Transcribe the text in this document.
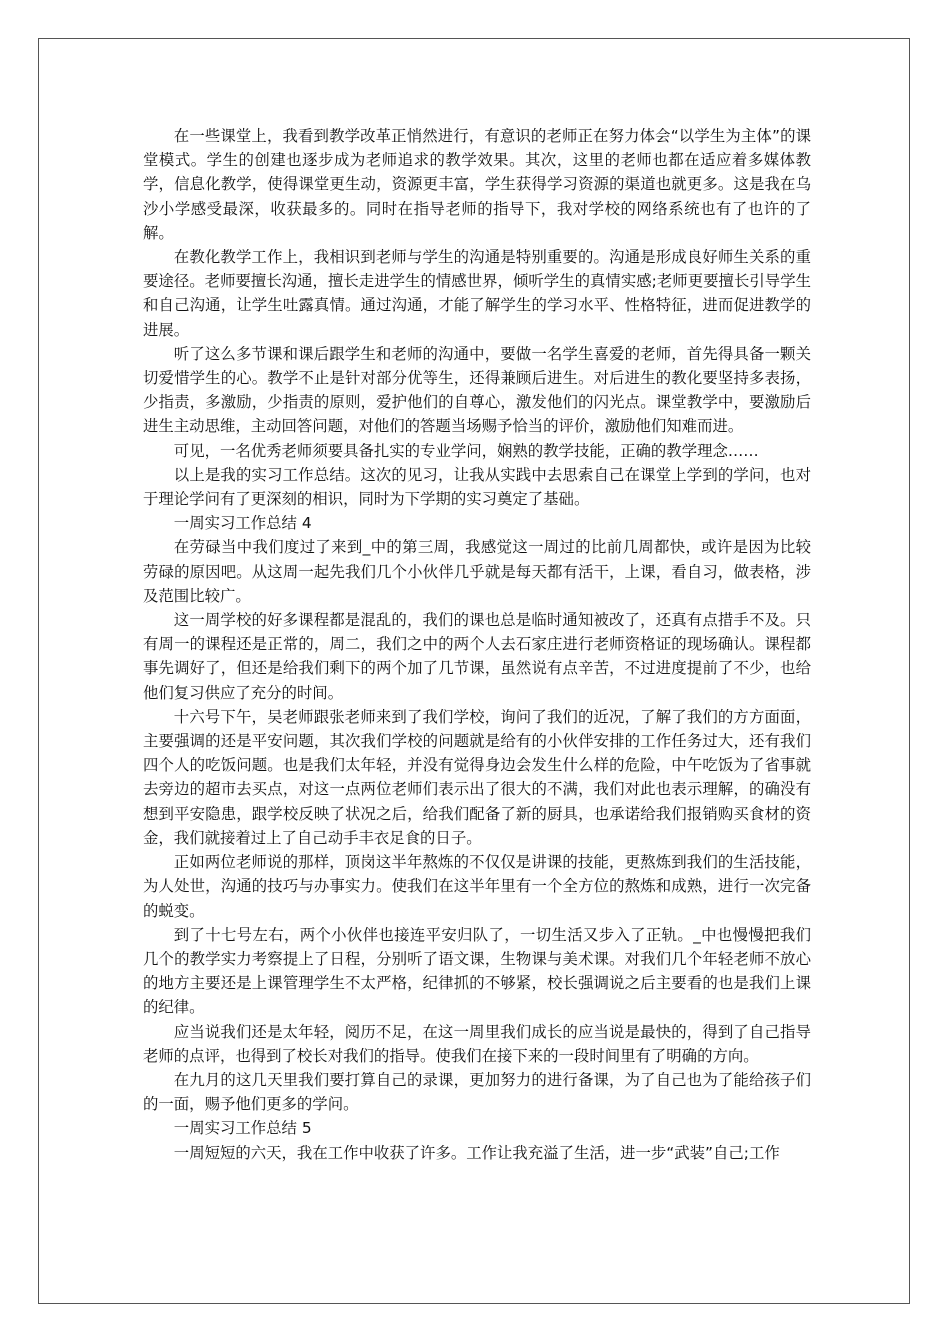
在一些课堂上，我看到教学改革正悄然进行，有意识的老师正在努力体会“以学生为主体”的课堂模式。学生的创建也逐步成为老师追求的教学效果。其次，这里的老师也都在适应着多媒体教学，信息化教学，使得课堂更生动，资源更丰富，学生获得学习资源的渠道也就更多。这是我在乌沙小学感受最深，收获最多的。同时在指导老师的指导下，我对学校的网络系统也有了也许的了解。

在教化教学工作上，我相识到老师与学生的沟通是特别重要的。沟通是形成良好师生关系的重要途径。老师要擅长沟通，擅长走进学生的情感世界，倾听学生的真情实感;老师更要擅长引导学生和自己沟通，让学生吐露真情。通过沟通，才能了解学生的学习水平、性格特征，进而促进教学的进展。

听了这么多节课和课后跟学生和老师的沟通中，要做一名学生喜爱的老师，首先得具备一颗关切爱惜学生的心。教学不止是针对部分优等生，还得兼顾后进生。对后进生的教化要坚持多表扬，少指责，多激励，少指责的原则，爱护他们的自尊心，激发他们的闪光点。课堂教学中，要激励后进生主动思维，主动回答问题，对他们的答题当场赐予恰当的评价，激励他们知难而进。

可见，一名优秀老师须要具备扎实的专业学问，娴熟的教学技能，正确的教学理念……

以上是我的实习工作总结。这次的见习，让我从实践中去思索自己在课堂上学到的学问，也对于理论学问有了更深刻的相识，同时为下学期的实习奠定了基础。

一周实习工作总结 4

在劳碌当中我们度过了来到_中的第三周，我感觉这一周过的比前几周都快，或许是因为比较劳碌的原因吧。从这周一起先我们几个小伙伴几乎就是每天都有活干，上课，看自习，做表格，涉及范围比较广。

这一周学校的好多课程都是混乱的，我们的课也总是临时通知被改了，还真有点措手不及。只有周一的课程还是正常的，周二，我们之中的两个人去石家庄进行老师资格证的现场确认。课程都事先调好了，但还是给我们剩下的两个加了几节课，虽然说有点辛苦，不过进度提前了不少，也给他们复习供应了充分的时间。

十六号下午，吴老师跟张老师来到了我们学校，询问了我们的近况，了解了我们的方方面面，主要强调的还是平安问题，其次我们学校的问题就是给有的小伙伴安排的工作任务过大，还有我们四个人的吃饭问题。也是我们太年轻，并没有觉得身边会发生什么样的危险，中午吃饭为了省事就去旁边的超市去买点，对这一点两位老师们表示出了很大的不满，我们对此也表示理解，的确没有想到平安隐患，跟学校反映了状况之后，给我们配备了新的厨具，也承诺给我们报销购买食材的资金，我们就接着过上了自己动手丰衣足食的日子。

正如两位老师说的那样，顶岗这半年熬炼的不仅仅是讲课的技能，更熬炼到我们的生活技能，为人处世，沟通的技巧与办事实力。使我们在这半年里有一个全方位的熬炼和成熟，进行一次完备的蜕变。

到了十七号左右，两个小伙伴也接连平安归队了，一切生活又步入了正轨。_中也慢慢把我们几个的教学实力考察提上了日程，分别听了语文课，生物课与美术课。对我们几个年轻老师不放心的地方主要还是上课管理学生不太严格，纪律抓的不够紧，校长强调说之后主要看的也是我们上课的纪律。

应当说我们还是太年轻，阅历不足，在这一周里我们成长的应当说是最快的，得到了自己指导老师的点评，也得到了校长对我们的指导。使我们在接下来的一段时间里有了明确的方向。

在九月的这几天里我们要打算自己的录课，更加努力的进行备课，为了自己也为了能给孩子们的一面，赐予他们更多的学问。

一周实习工作总结 5

一周短短的六天，我在工作中收获了许多。工作让我充溢了生活，进一步“武装”自己;工作
